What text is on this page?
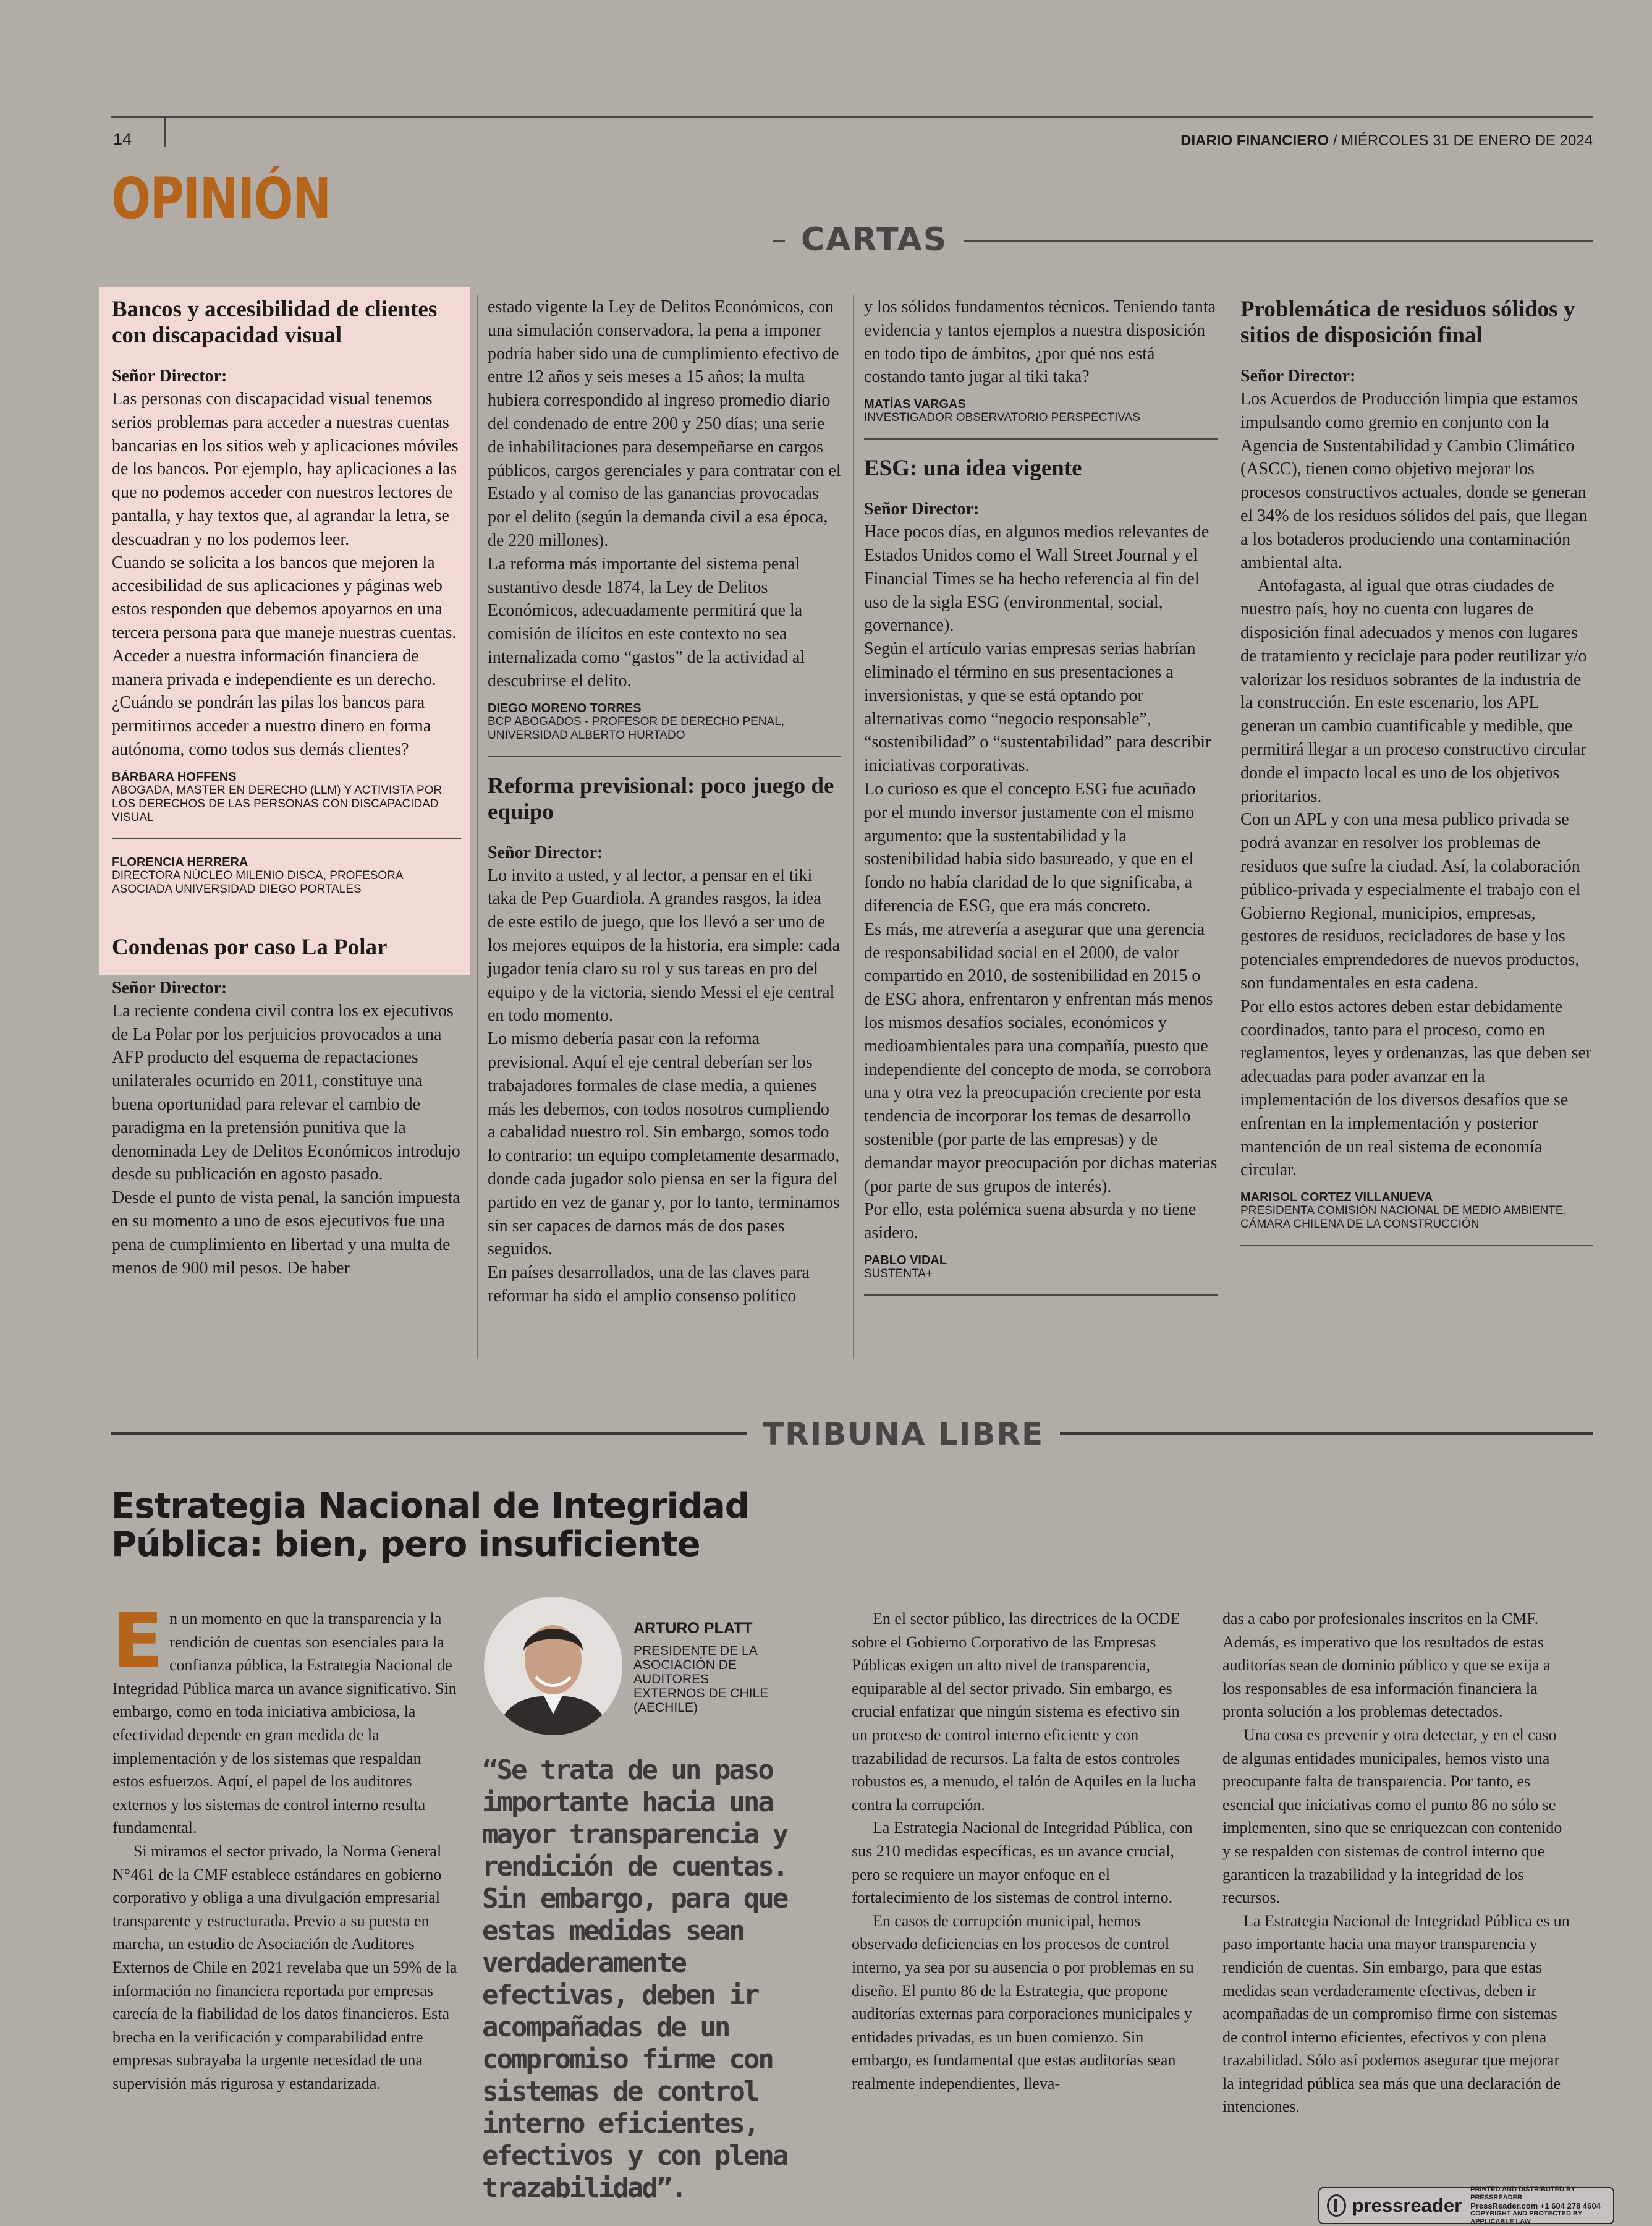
14	DIARIO FINANCIERO / MIÉRCOLES 31 DE ENERO DE 2024
OPINIÓN
CARTAS
Bancos y accesibilidad de clientes con discapacidad visual
Señor Director:

Las personas con discapacidad visual tenemos serios problemas para acceder a nuestras cuentas bancarias en los sitios web y aplicaciones móviles de los bancos. Por ejemplo, hay aplicaciones a las que no podemos acceder con nuestros lectores de pantalla, y hay textos que, al agrandar la letra, se descuadran y no los podemos leer.

Cuando se solicita a los bancos que mejoren la accesibilidad de sus aplicaciones y páginas web estos responden que debemos apoyarnos en una tercera persona para que maneje nuestras cuentas. Acceder a nuestra información financiera de manera privada e independiente es un derecho. ¿Cuándo se pondrán las pilas los bancos para permitirnos acceder a nuestro dinero en forma autónoma, como todos sus demás clientes?

BÁRBARA HOFFENS
ABOGADA, MASTER EN DERECHO (LLM) Y ACTIVISTA POR LOS DERECHOS DE LAS PERSONAS CON DISCAPACIDAD VISUAL
FLORENCIA HERRERA
DIRECTORA NÚCLEO MILENIO DISCA, PROFESORA ASOCIADA UNIVERSIDAD DIEGO PORTALES
Condenas por caso La Polar
Señor Director:

La reciente condena civil contra los ex ejecutivos de La Polar por los perjuicios provocados a una AFP producto del esquema de repactaciones unilaterales ocurrido en 2011, constituye una buena oportunidad para relevar el cambio de paradigma en la pretensión punitiva que la denominada Ley de Delitos Económicos introdujo desde su publicación en agosto pasado.

Desde el punto de vista penal, la sanción impuesta en su momento a uno de esos ejecutivos fue una pena de cumplimiento en libertad y una multa de menos de 900 mil pesos. De haber

estado vigente la Ley de Delitos Económicos, con una simulación conservadora, la pena a imponer podría haber sido una de cumplimiento efectivo de entre 12 años y seis meses a 15 años; la multa hubiera correspondido al ingreso promedio diario del condenado de entre 200 y 250 días; una serie de inhabilitaciones para desempeñarse en cargos públicos, cargos gerenciales y para contratar con el Estado y al comiso de las ganancias provocadas por el delito (según la demanda civil a esa época, de 220 millones).

La reforma más importante del sistema penal sustantivo desde 1874, la Ley de Delitos Económicos, adecuadamente permitirá que la comisión de ilícitos en este contexto no sea internalizada como “gastos” de la actividad al descubrirse el delito.

DIEGO MORENO TORRES
BCP ABOGADOS - PROFESOR DE DERECHO PENAL, UNIVERSIDAD ALBERTO HURTADO
Reforma previsional: poco juego de equipo
Señor Director:

Lo invito a usted, y al lector, a pensar en el tiki taka de Pep Guardiola. A grandes rasgos, la idea de este estilo de juego, que los llevó a ser uno de los mejores equipos de la historia, era simple: cada jugador tenía claro su rol y sus tareas en pro del equipo y de la victoria, siendo Messi el eje central en todo momento.

Lo mismo debería pasar con la reforma previsional. Aquí el eje central deberían ser los trabajadores formales de clase media, a quienes más les debemos, con todos nosotros cumpliendo a cabalidad nuestro rol. Sin embargo, somos todo lo contrario: un equipo completamente desarmado, donde cada jugador solo piensa en ser la figura del partido en vez de ganar y, por lo tanto, terminamos sin ser capaces de darnos más de dos pases seguidos.

En países desarrollados, una de las claves para reformar ha sido el amplio consenso político

y los sólidos fundamentos técnicos. Teniendo tanta evidencia y tantos ejemplos a nuestra disposición en todo tipo de ámbitos, ¿por qué nos está costando tanto jugar al tiki taka?

MATÍAS VARGAS
INVESTIGADOR OBSERVATORIO PERSPECTIVAS
ESG: una idea vigente
Señor Director:

Hace pocos días, en algunos medios relevantes de Estados Unidos como el Wall Street Journal y el Financial Times se ha hecho referencia al fin del uso de la sigla ESG (environmental, social, governance).

Según el artículo varias empresas serias habrían eliminado el término en sus presentaciones a inversionistas, y que se está optando por alternativas como “negocio responsable”, “sostenibilidad” o “sustentabilidad” para describir iniciativas corporativas.

Lo curioso es que el concepto ESG fue acuñado por el mundo inversor justamente con el mismo argumento: que la sustentabilidad y la sostenibilidad había sido basureado, y que en el fondo no había claridad de lo que significaba, a diferencia de ESG, que era más concreto.

Es más, me atrevería a asegurar que una gerencia de responsabilidad social en el 2000, de valor compartido en 2010, de sostenibilidad en 2015 o de ESG ahora, enfrentaron y enfrentan más menos los mismos desafíos sociales, económicos y medioambientales para una compañía, puesto que independiente del concepto de moda, se corrobora una y otra vez la preocupación creciente por esta tendencia de incorporar los temas de desarrollo sostenible (por parte de las empresas) y de demandar mayor preocupación por dichas materias (por parte de sus grupos de interés).

Por ello, esta polémica suena absurda y no tiene asidero.

PABLO VIDAL
SUSTENTA+
Problemática de residuos sólidos y sitios de disposición final
Señor Director:

Los Acuerdos de Producción limpia que estamos impulsando como gremio en conjunto con la Agencia de Sustentabilidad y Cambio Climático (ASCC), tienen como objetivo mejorar los procesos constructivos actuales, donde se generan el 34% de los residuos sólidos del país, que llegan a los botaderos produciendo una contaminación ambiental alta.

Antofagasta, al igual que otras ciudades de nuestro país, hoy no cuenta con lugares de disposición final adecuados y menos con lugares de tratamiento y reciclaje para poder reutilizar y/o valorizar los residuos sobrantes de la industria de la construcción. En este escenario, los APL generan un cambio cuantificable y medible, que permitirá llegar a un proceso constructivo circular donde el impacto local es uno de los objetivos prioritarios.

Con un APL y con una mesa publico privada se podrá avanzar en resolver los problemas de residuos que sufre la ciudad. Así, la colaboración público-privada y especialmente el trabajo con el Gobierno Regional, municipios, empresas, gestores de residuos, recicladores de base y los potenciales emprendedores de nuevos productos, son fundamentales en esta cadena.

Por ello estos actores deben estar debidamente coordinados, tanto para el proceso, como en reglamentos, leyes y ordenanzas, las que deben ser adecuadas para poder avanzar en la implementación de los diversos desafíos que se enfrentan en la implementación y posterior mantención de un real sistema de economía circular.

MARISOL CORTEZ VILLANUEVA
PRESIDENTA COMISIÓN NACIONAL DE MEDIO AMBIENTE, CÁMARA CHILENA DE LA CONSTRUCCIÓN
TRIBUNA LIBRE
Estrategia Nacional de Integridad
Pública: bien, pero insuficiente
E n un momento en que la transparencia y la rendición de cuentas son esenciales para la confianza pública, la Estrategia Nacional de Integridad Pública marca un avance significativo. Sin embargo, como en toda iniciativa ambiciosa, la efectividad depende en gran medida de la implementación y de los sistemas que respaldan estos esfuerzos. Aquí, el papel de los auditores externos y los sistemas de control interno resulta fundamental.

Si miramos el sector privado, la Norma General N°461 de la CMF establece estándares en gobierno corporativo y obliga a una divulgación empresarial transparente y estructurada. Previo a su puesta en marcha, un estudio de Asociación de Auditores Externos de Chile en 2021 revelaba que un 59% de la información no financiera reportada por empresas carecía de la fiabilidad de los datos financieros. Esta brecha en la verificación y comparabilidad entre empresas subrayaba la urgente necesidad de una supervisión más rigurosa y estandarizada.

ARTURO PLATT
PRESIDENTE DE LA ASOCIACIÓN DE AUDITORES EXTERNOS DE CHILE (AECHILE)
“Se trata de un paso importante hacia una mayor transparencia y rendición de cuentas. Sin embargo, para que estas medidas sean verdaderamente efectivas, deben ir acompañadas de un compromiso firme con sistemas de control interno eficientes, efectivos y con plena trazabilidad”.

En el sector público, las directrices de la OCDE sobre el Gobierno Corporativo de las Empresas Públicas exigen un alto nivel de transparencia, equiparable al del sector privado. Sin embargo, es crucial enfatizar que ningún sistema es efectivo sin un proceso de control interno eficiente y con trazabilidad de recursos. La falta de estos controles robustos es, a menudo, el talón de Aquiles en la lucha contra la corrupción.

La Estrategia Nacional de Integridad Pública, con sus 210 medidas específicas, es un avance crucial, pero se requiere un mayor enfoque en el fortalecimiento de los sistemas de control interno.

En casos de corrupción municipal, hemos observado deficiencias en los procesos de control interno, ya sea por su ausencia o por problemas en su diseño. El punto 86 de la Estrategia, que propone auditorías externas para corporaciones municipales y entidades privadas, es un buen comienzo. Sin embargo, es fundamental que estas auditorías sean realmente independientes, lleva-

das a cabo por profesionales inscritos en la CMF. Además, es imperativo que los resultados de estas auditorías sean de dominio público y que se exija a los responsables de esa información financiera la pronta solución a los problemas detectados.

Una cosa es prevenir y otra detectar, y en el caso de algunas entidades municipales, hemos visto una preocupante falta de transparencia. Por tanto, es esencial que iniciativas como el punto 86 no sólo se implementen, sino que se enriquezcan con contenido y se respalden con sistemas de control interno que garanticen la trazabilidad y la integridad de los recursos.

La Estrategia Nacional de Integridad Pública es un paso importante hacia una mayor transparencia y rendición de cuentas. Sin embargo, para que estas medidas sean verdaderamente efectivas, deben ir acompañadas de un compromiso firme con sistemas de control interno eficientes, efectivos y con plena trazabilidad. Sólo así podemos asegurar que mejorar la integridad pública sea más que una declaración de intenciones.

pressreader
PRINTED AND DISTRIBUTED BY PRESSREADER
PressReader.com +1 604 278 4604
COPYRIGHT AND PROTECTED BY APPLICABLE LAW
